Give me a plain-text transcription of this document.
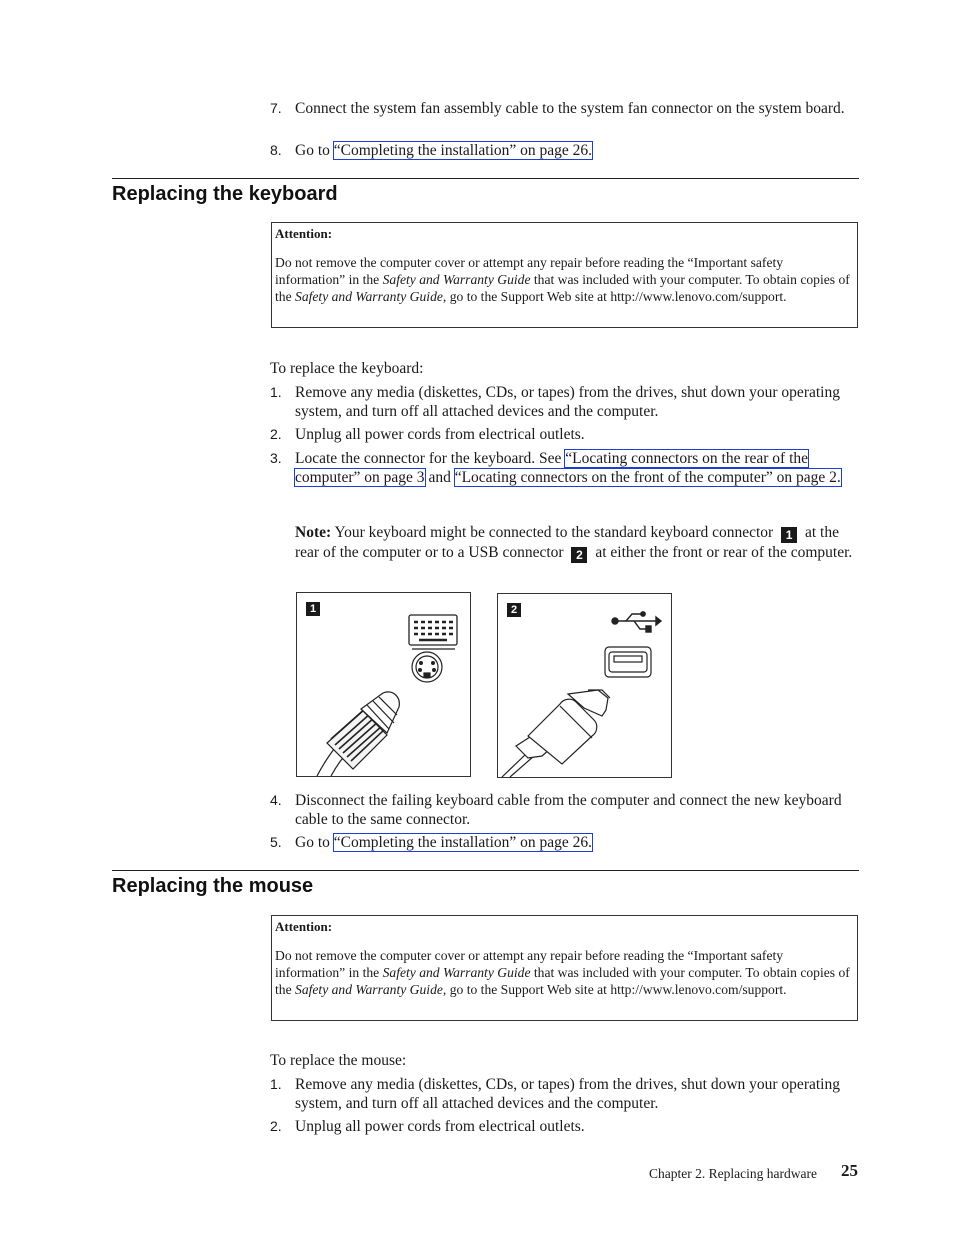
7. Connect the system fan assembly cable to the system fan connector on the system board.
8. Go to “Completing the installation” on page 26.
Replacing the keyboard
Attention:
Do not remove the computer cover or attempt any repair before reading the “Important safety information” in the Safety and Warranty Guide that was included with your computer. To obtain copies of the Safety and Warranty Guide, go to the Support Web site at http://www.lenovo.com/support.
To replace the keyboard:
1. Remove any media (diskettes, CDs, or tapes) from the drives, shut down your operating system, and turn off all attached devices and the computer.
2. Unplug all power cords from electrical outlets.
3. Locate the connector for the keyboard. See “Locating connectors on the rear of the computer” on page 3 and “Locating connectors on the front of the computer” on page 2.
Note: Your keyboard might be connected to the standard keyboard connector 1 at the rear of the computer or to a USB connector 2 at either the front or rear of the computer.
1	2
4. Disconnect the failing keyboard cable from the computer and connect the new keyboard cable to the same connector.
5. Go to “Completing the installation” on page 26.
Replacing the mouse
Attention:
Do not remove the computer cover or attempt any repair before reading the “Important safety information” in the Safety and Warranty Guide that was included with your computer. To obtain copies of the Safety and Warranty Guide, go to the Support Web site at http://www.lenovo.com/support.
To replace the mouse:
1. Remove any media (diskettes, CDs, or tapes) from the drives, shut down your operating system, and turn off all attached devices and the computer.
2. Unplug all power cords from electrical outlets.
Chapter 2. Replacing hardware 25
